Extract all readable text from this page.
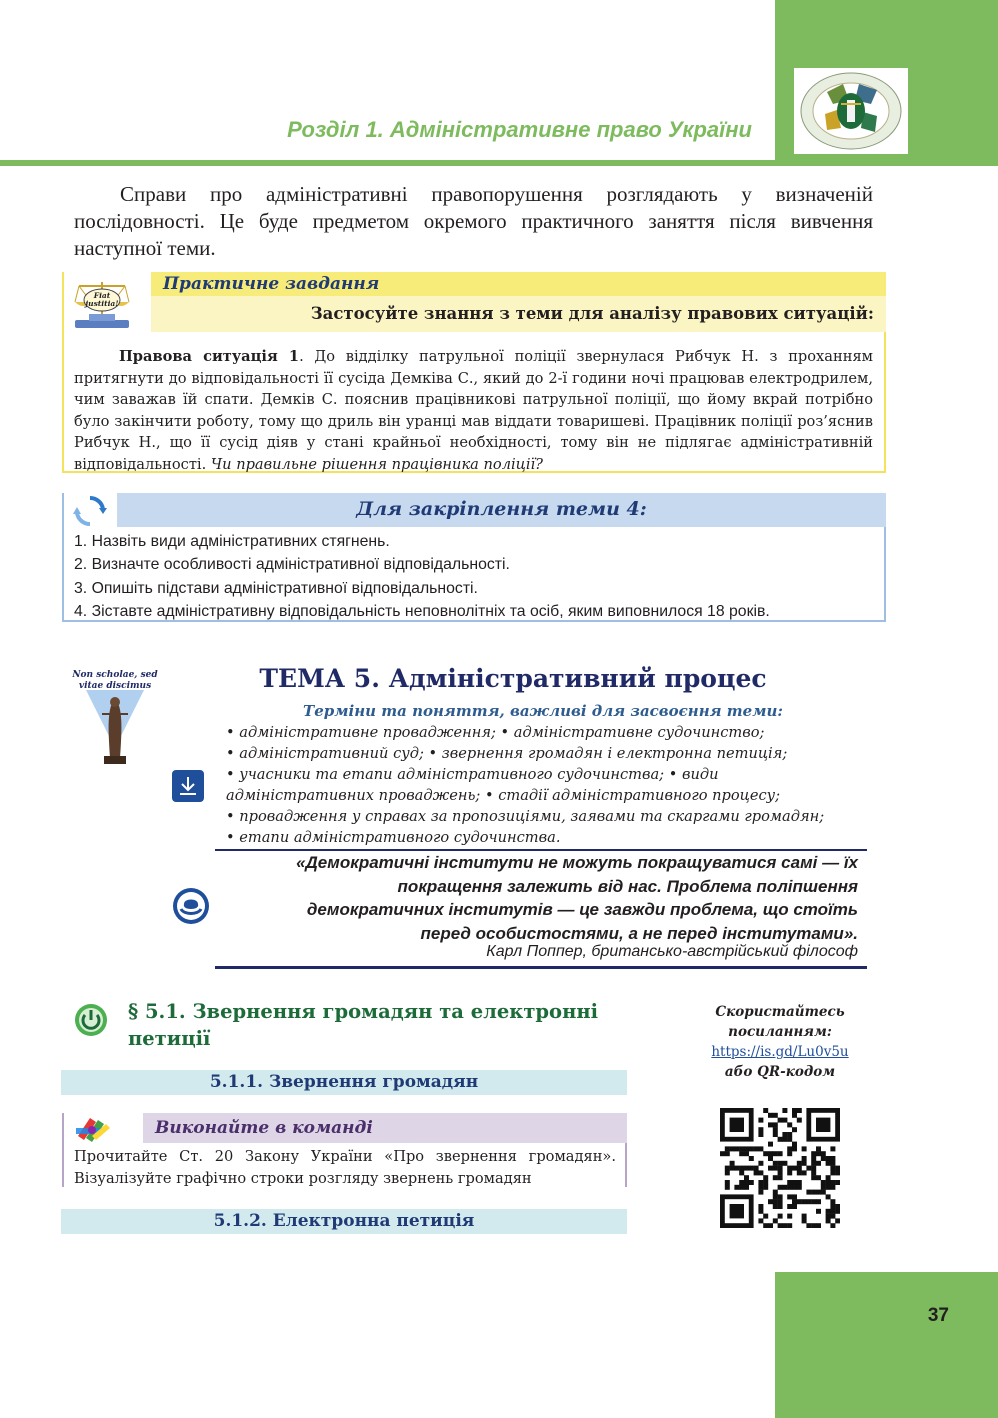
Розділ 1. Адміністративне право України

Справи про адміністративні правопорушення розглядають у визначеній послідовності. Це буде предметом окремого практичного заняття після вивчення наступної теми.

Практичне завдання
Застосуйте знання з теми для аналізу правових ситуацій:
Fiat
justitia!

Правова ситуація 1. До відділку патрульної поліції звернулася Рибчук Н. з проханням притягнути до відповідальності її сусіда Демківа С., який до 2-ї години ночі працював електродрилем, чим заважав їй спати. Демків С. пояснив працівникові патрульної поліції, що йому вкрай потрібно було закінчити роботу, тому що дриль він уранці мав віддати товаришеві. Працівник поліції роз’яснив Рибчук Н., що її сусід діяв у стані крайньої необхідності, тому він не підлягає адміністративній відповідальності. Чи правильне рішення працівника поліції?

Для закріплення теми 4:
1. Назвіть види адміністративних стягнень.
2. Визначте особливості адміністративної відповідальності.
3. Опишіть підстави адміністративної відповідальності.
4. Зіставте адміністративну відповідальність неповнолітніх та осіб, яким виповнилося 18 років.
Non scholae, sed
vitae discimus	ТЕМА 5. Адміністративний процес
Терміни та поняття, важливі для засвоєння теми:
• адміністративне провадження; • адміністративне судочинство;
• адміністративний суд; • звернення громадян і електронна петиція;
• учасники та етапи адміністративного судочинства; • види
адміністративних проваджень; • стадії адміністративного процесу;
• провадження у справах за пропозиціями, заявами та скаргами громадян;
• етапи адміністративного судочинства.
«Демократичні інститути не можуть покращуватися самі — їх
покращення залежить від нас. Проблема поліпшення
демократичних інститутів — це завжди проблема, що стоїть
перед особистостями, а не перед інститутами».
Карл Поппер, британсько-австрійський філософ
§ 5.1. Звернення громадян та електронні петиції
5.1.1. Звернення громадян
Виконайте в команді

Прочитайте Ст. 20 Закону України «Про звернення громадян». Візуалізуйте графічно строки розгляду звернень громадян

5.1.2. Електронна петиція
Скористайтесь
посиланням:
https://is.gd/Lu0v5u
або QR-кодом
37
